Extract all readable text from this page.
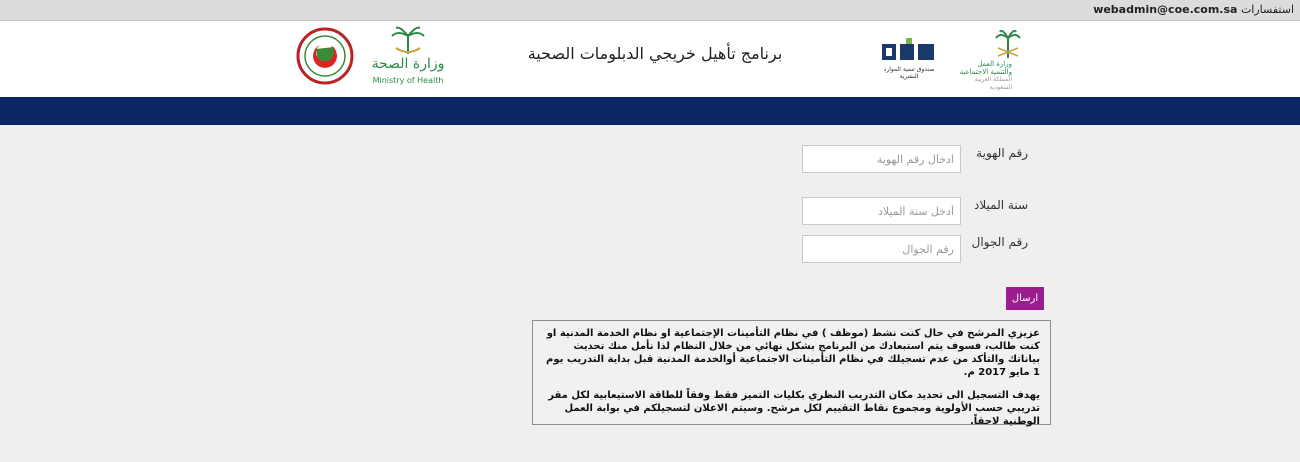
استفسارات webadmin@coe.com.sa
وزارة الصحة
Ministry of Health
برنامج تأهيل خريجي الدبلومات الصحية
صندوق تنمية الموارد البشرية
وزارة العمل
والتنمية الاجتماعية
المملكة العربية السعودية
رقم الهوية
ادخال رقم الهوية
سنة الميلاد
أدخل سنة الميلاد
رقم الجوال
رقم الجوال
ارسال

عزيزي المرشح في حال كنت نشط (موظف ) في نظام التأمينات الإجتماعية او نظام الخدمة المدنية او كنت طالب، فسوف يتم استبعادك من البرنامج بشكل نهائي من خلال النظام لذا نأمل منك تحديث بياناتك والتأكد من عدم تسجيلك في نظام التأمينات الاجتماعية أوالخدمة المدنية قبل بداية التدريب يوم 1 مايو 2017 م.

يهدف التسجيل الى تحديد مكان التدريب النظري بكليات التميز فقط وفقاً للطاقة الاستيعابية لكل مقر تدريبي حسب الأولوية ومجموع نقاط التقييم لكل مرشح. وسيتم الاعلان لتسجيلكم في بوابة العمل الوطنية لاحقاً.
